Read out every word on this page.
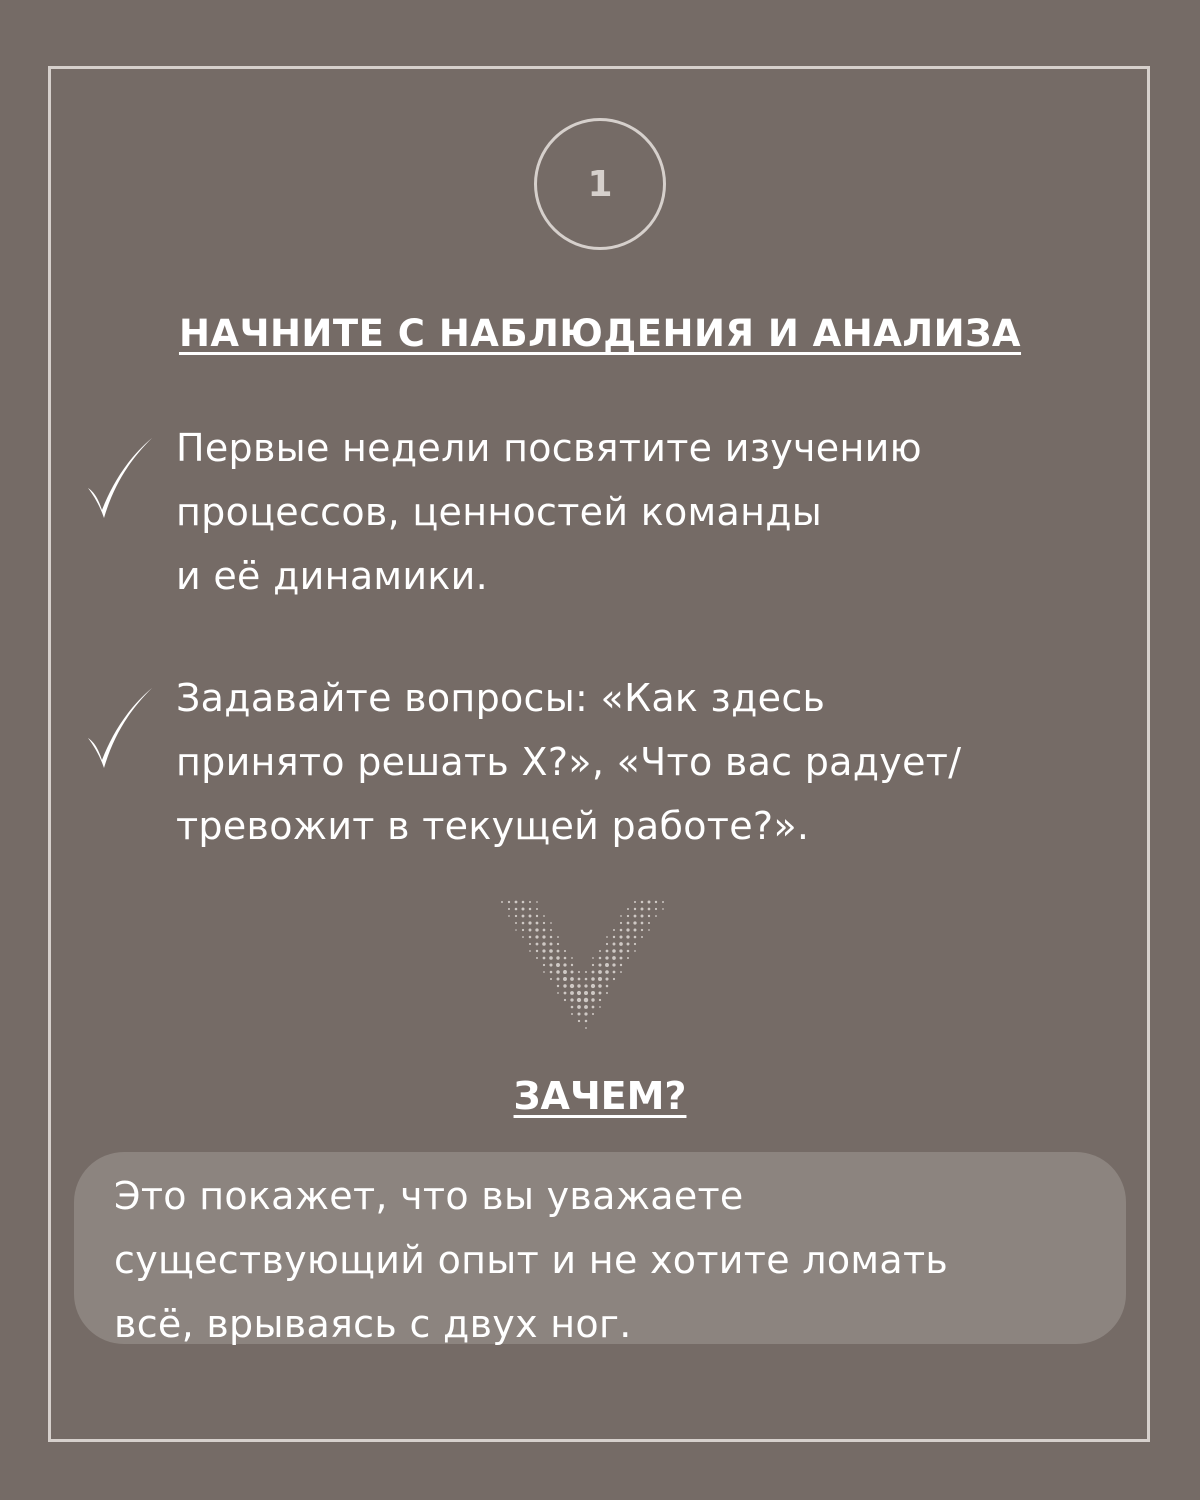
1
НАЧНИТЕ С НАБЛЮДЕНИЯ И АНАЛИЗА
Первые недели посвятите изучению
процессов, ценностей команды
и её динамики.
Задавайте вопросы: «Как здесь
принято решать Х?», «Что вас радует/
тревожит в текущей работе?».
ЗАЧЕМ?
Это покажет, что вы уважаете
существующий опыт и не хотите ломать
всё, врываясь с двух ног.
